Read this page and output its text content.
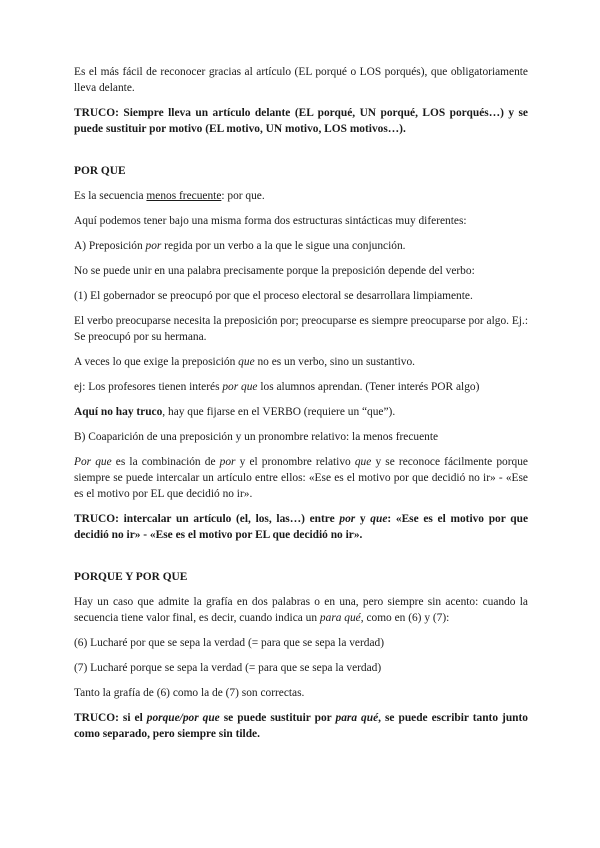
Es el más fácil de reconocer gracias al artículo (EL porqué o LOS porqués), que obligatoriamente lleva delante.

TRUCO: Siempre lleva un artículo delante (EL porqué, UN porqué, LOS porqués…) y se puede sustituir por motivo (EL motivo, UN motivo, LOS motivos…).

POR QUE

Es la secuencia menos frecuente: por que.

Aquí podemos tener bajo una misma forma dos estructuras sintácticas muy diferentes:

A) Preposición por regida por un verbo a la que le sigue una conjunción.

No se puede unir en una palabra precisamente porque la preposición depende del verbo:

(1) El gobernador se preocupó por que el proceso electoral se desarrollara limpiamente.

El verbo preocuparse necesita la preposición por; preocuparse es siempre preocuparse por algo. Ej.: Se preocupó por su hermana.

A veces lo que exige la preposición que no es un verbo, sino un sustantivo.

ej: Los profesores tienen interés por que los alumnos aprendan. (Tener interés POR algo)

Aquí no hay truco, hay que fijarse en el VERBO (requiere un “que”).

B) Coaparición de una preposición y un pronombre relativo: la menos frecuente

Por que es la combinación de por y el pronombre relativo que y se reconoce fácilmente porque siempre se puede intercalar un artículo entre ellos: «Ese es el motivo por que decidió no ir» - «Ese es el motivo por EL que decidió no ir».

TRUCO: intercalar un artículo (el, los, las…) entre por y que: «Ese es el motivo por que decidió no ir» - «Ese es el motivo por EL que decidió no ir».

PORQUE Y POR QUE

Hay un caso que admite la grafía en dos palabras o en una, pero siempre sin acento: cuando la secuencia tiene valor final, es decir, cuando indica un para qué, como en (6) y (7):

(6) Lucharé por que se sepa la verdad (= para que se sepa la verdad)

(7) Lucharé porque se sepa la verdad (= para que se sepa la verdad)

Tanto la grafía de (6) como la de (7) son correctas.

TRUCO: si el porque/por que se puede sustituir por para qué, se puede escribir tanto junto como separado, pero siempre sin tilde.
